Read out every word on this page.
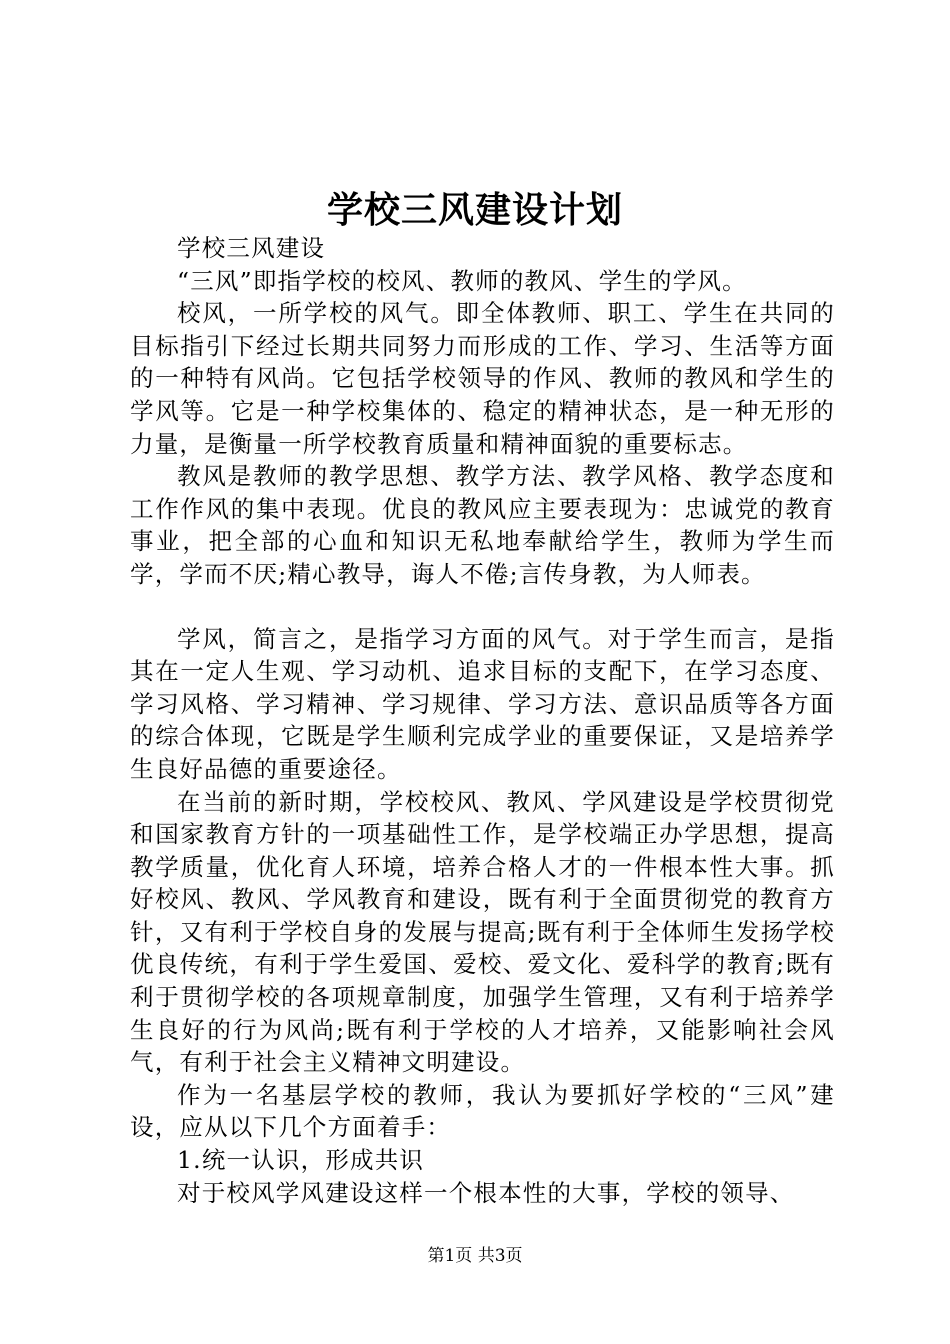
学校三风建设计划

学校三风建设

“三风”即指学校的校风、教师的教风、学生的学风。

校风，一所学校的风气。即全体教师、职工、学生在共同的目标指引下经过长期共同努力而形成的工作、学习、生活等方面的一种特有风尚。它包括学校领导的作风、教师的教风和学生的学风等。它是一种学校集体的、稳定的精神状态，是一种无形的力量，是衡量一所学校教育质量和精神面貌的重要标志。

教风是教师的教学思想、教学方法、教学风格、教学态度和工作作风的集中表现。优良的教风应主要表现为：忠诚党的教育事业，把全部的心血和知识无私地奉献给学生，教师为学生而学，学而不厌;精心教导，诲人不倦;言传身教，为人师表。

学风，简言之，是指学习方面的风气。对于学生而言，是指其在一定人生观、学习动机、追求目标的支配下，在学习态度、学习风格、学习精神、学习规律、学习方法、意识品质等各方面的综合体现，它既是学生顺利完成学业的重要保证，又是培养学生良好品德的重要途径。

在当前的新时期，学校校风、教风、学风建设是学校贯彻党和国家教育方针的一项基础性工作，是学校端正办学思想，提高教学质量，优化育人环境，培养合格人才的一件根本性大事。抓好校风、教风、学风教育和建设，既有利于全面贯彻党的教育方针，又有利于学校自身的发展与提高;既有利于全体师生发扬学校优良传统，有利于学生爱国、爱校、爱文化、爱科学的教育;既有利于贯彻学校的各项规章制度，加强学生管理，又有利于培养学生良好的行为风尚;既有利于学校的人才培养，又能影响社会风气，有利于社会主义精神文明建设。

作为一名基层学校的教师，我认为要抓好学校的“三风”建设，应从以下几个方面着手：

1.统一认识，形成共识

对于校风学风建设这样一个根本性的大事，学校的领导、

第1页 共3页
